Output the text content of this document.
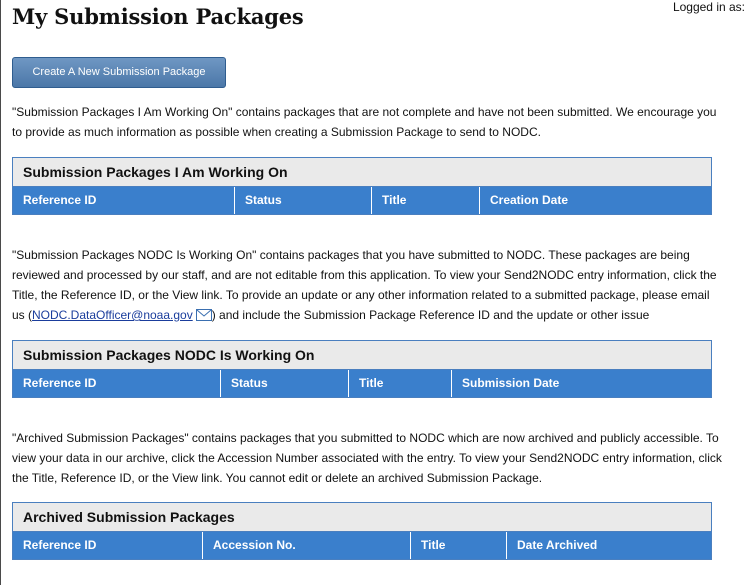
My Submission Packages	Logged in as:
Create A New Submission Package

"Submission Packages I Am Working On" contains packages that are not complete and have not been submitted. We encourage you to provide as much information as possible when creating a Submission Package to send to NODC.

Submission Packages I Am Working On
Reference ID	Status	Title	Creation Date

"Submission Packages NODC Is Working On" contains packages that you have submitted to NODC. These packages are being reviewed and processed by our staff, and are not editable from this application. To view your Send2NODC entry information, click the Title, the Reference ID, or the View link. To provide an update or any other information related to a submitted package, please email us (NODC.DataOfficer@noaa.gov ) and include the Submission Package Reference ID and the update or other issue

Submission Packages NODC Is Working On
Reference ID	Status	Title	Submission Date

"Archived Submission Packages" contains packages that you submitted to NODC which are now archived and publicly accessible. To view your data in our archive, click the Accession Number associated with the entry. To view your Send2NODC entry information, click the Title, Reference ID, or the View link. You cannot edit or delete an archived Submission Package.

Archived Submission Packages
Reference ID	Accession No.	Title	Date Archived
